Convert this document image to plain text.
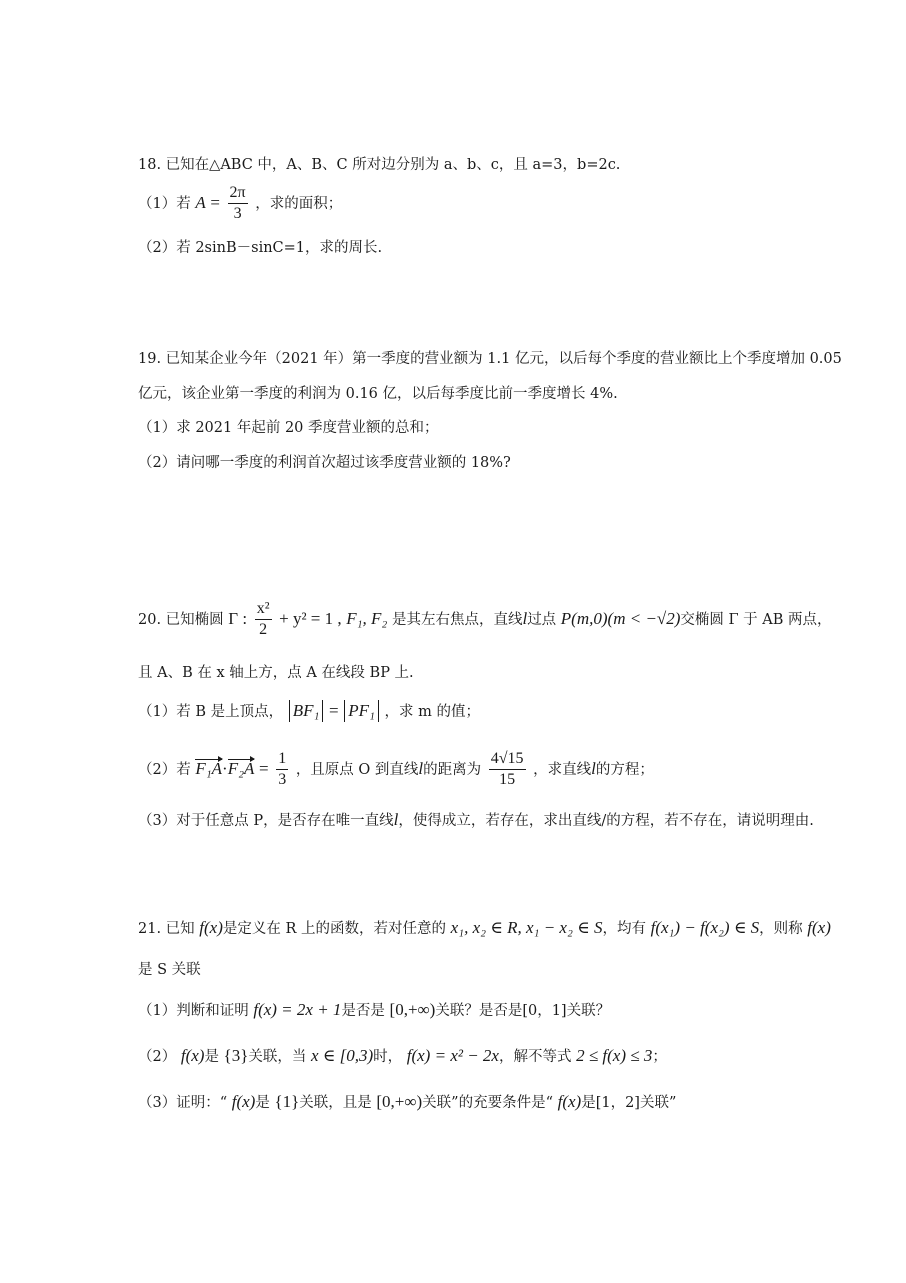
18. 已知在△ABC 中，A、B、C 所对边分别为 a、b、c，且 a=3，b=2c.
（1）若 $A = \frac{2\pi}{3}$ ，求的面积；
（2）若 2sinB－sinC=1，求的周长.
19. 已知某企业今年（2021 年）第一季度的营业额为 1.1 亿元，以后每个季度的营业额比上个季度增加 0.05
亿元，该企业第一季度的利润为 0.16 亿，以后每季度比前一季度增长 4%.
（1）求 2021 年起前 20 季度营业额的总和；
（2）请问哪一季度的利润首次超过该季度营业额的 18%?
20. 已知椭圆 Γ : $\frac{\text{x²}}{2} + y^2 = 1$ , F₁, F₂ 是其左右焦点，直线l过点 P(m,0)(m < −√2)交椭圆 Γ 于 AB 两点，
且 A、B 在 x 轴上方，点 A 在线段 BP 上.
（1）若 B 是上顶点， BF₁ = PF₁ ，求 m 的值；
（2）若 $F_1A\cdot F_2A = \frac{1}{3}$ ，且原点 O 到直线l的距离为 $\frac{4√15}{15}$ ，求直线l的方程；
（3）对于任意点 P，是否存在唯一直线l，使得成立，若存在，求出直线/的方程，若不存在，请说明理由.
21. 已知 f(x)是定义在 R 上的函数，若对任意的 x₁, x₂ ∈ R, x₁ − x₂ ∈ S，均有 f(x₁) − f(x₂) ∈ S，则称 f(x)
是 S 关联
（1）判断和证明 f(x) = 2x + 1是否是 [0,+∞)关联？是否是[0，1]关联？
（2） f(x)是 {3}关联，当 x ∈ [0,3)时， f(x) = x² − 2x，解不等式 2 ≤ f(x) ≤ 3；
（3）证明：“ f(x)是 {1}关联，且是 [0,+∞)关联”的充要条件是“ f(x)是[1，2]关联”
